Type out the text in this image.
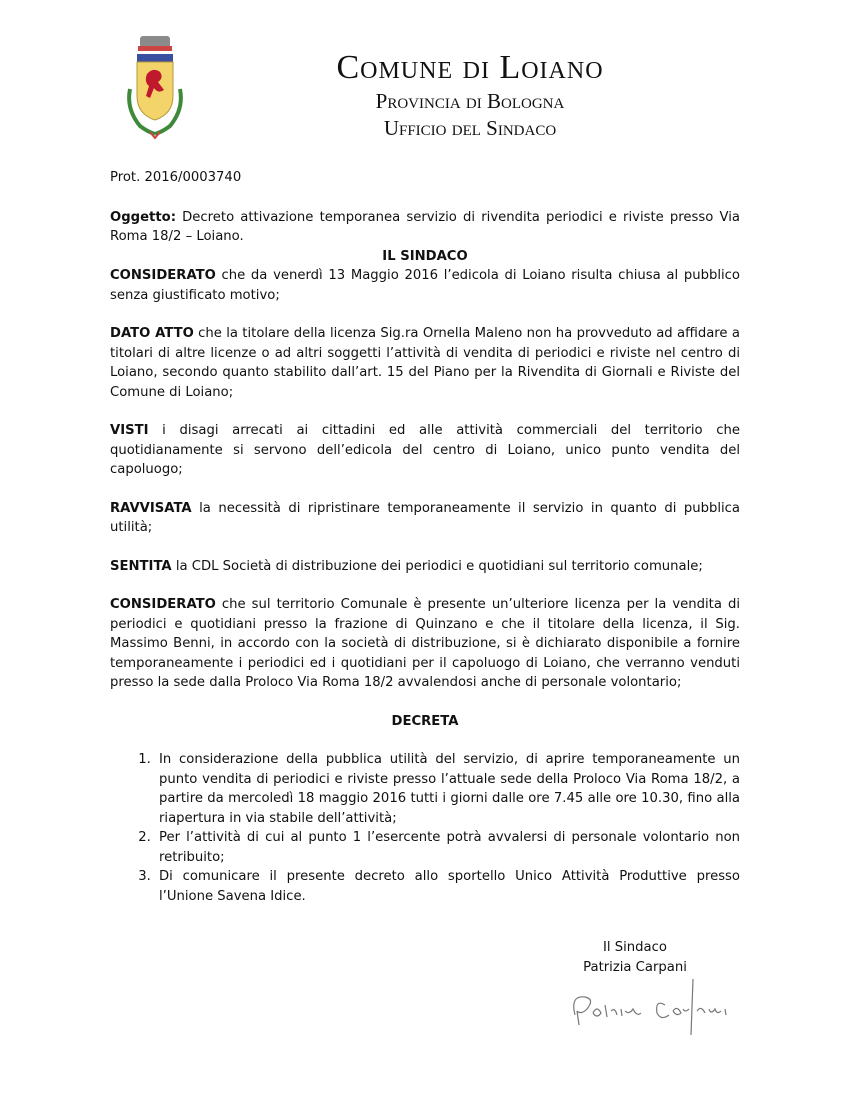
Comune di Loiano
Provincia di Bologna
Ufficio del Sindaco

Prot. 2016/0003740

Oggetto: Decreto attivazione temporanea servizio di rivendita periodici e riviste presso Via Roma 18/2 – Loiano.

IL SINDACO

CONSIDERATO che da venerdì 13 Maggio 2016 l’edicola di Loiano risulta chiusa al pubblico senza giustificato motivo;

DATO ATTO che la titolare della licenza Sig.ra Ornella Maleno non ha provveduto ad affidare a titolari di altre licenze o ad altri soggetti l’attività di vendita di periodici e riviste nel centro di Loiano, secondo quanto stabilito dall’art. 15 del Piano per la Rivendita di Giornali e Riviste del Comune di Loiano;

VISTI i disagi arrecati ai cittadini ed alle attività commerciali del territorio che quotidianamente si servono dell’edicola del centro di Loiano, unico punto vendita del capoluogo;

RAVVISATA la necessità di ripristinare temporaneamente il servizio in quanto di pubblica utilità;

SENTITA la CDL Società di distribuzione dei periodici e quotidiani sul territorio comunale;

CONSIDERATO che sul territorio Comunale è presente un’ulteriore licenza per la vendita di periodici e quotidiani presso la frazione di Quinzano e che il titolare della licenza, il Sig. Massimo Benni, in accordo con la società di distribuzione, si è dichiarato disponibile a fornire temporaneamente i periodici ed i quotidiani per il capoluogo di Loiano, che verranno venduti presso la sede dalla Proloco Via Roma 18/2 avvalendosi anche di personale volontario;

DECRETA

1. In considerazione della pubblica utilità del servizio, di aprire temporaneamente un punto vendita di periodici e riviste presso l’attuale sede della Proloco Via Roma 18/2, a partire da mercoledì 18 maggio 2016 tutti i giorni dalle ore 7.45 alle ore 10.30, fino alla riapertura in via stabile dell’attività;
2. Per l’attività di cui al punto 1 l’esercente potrà avvalersi di personale volontario non retribuito;
3. Di comunicare il presente decreto allo sportello Unico Attività Produttive presso l’Unione Savena Idice.
Il Sindaco
Patrizia Carpani
